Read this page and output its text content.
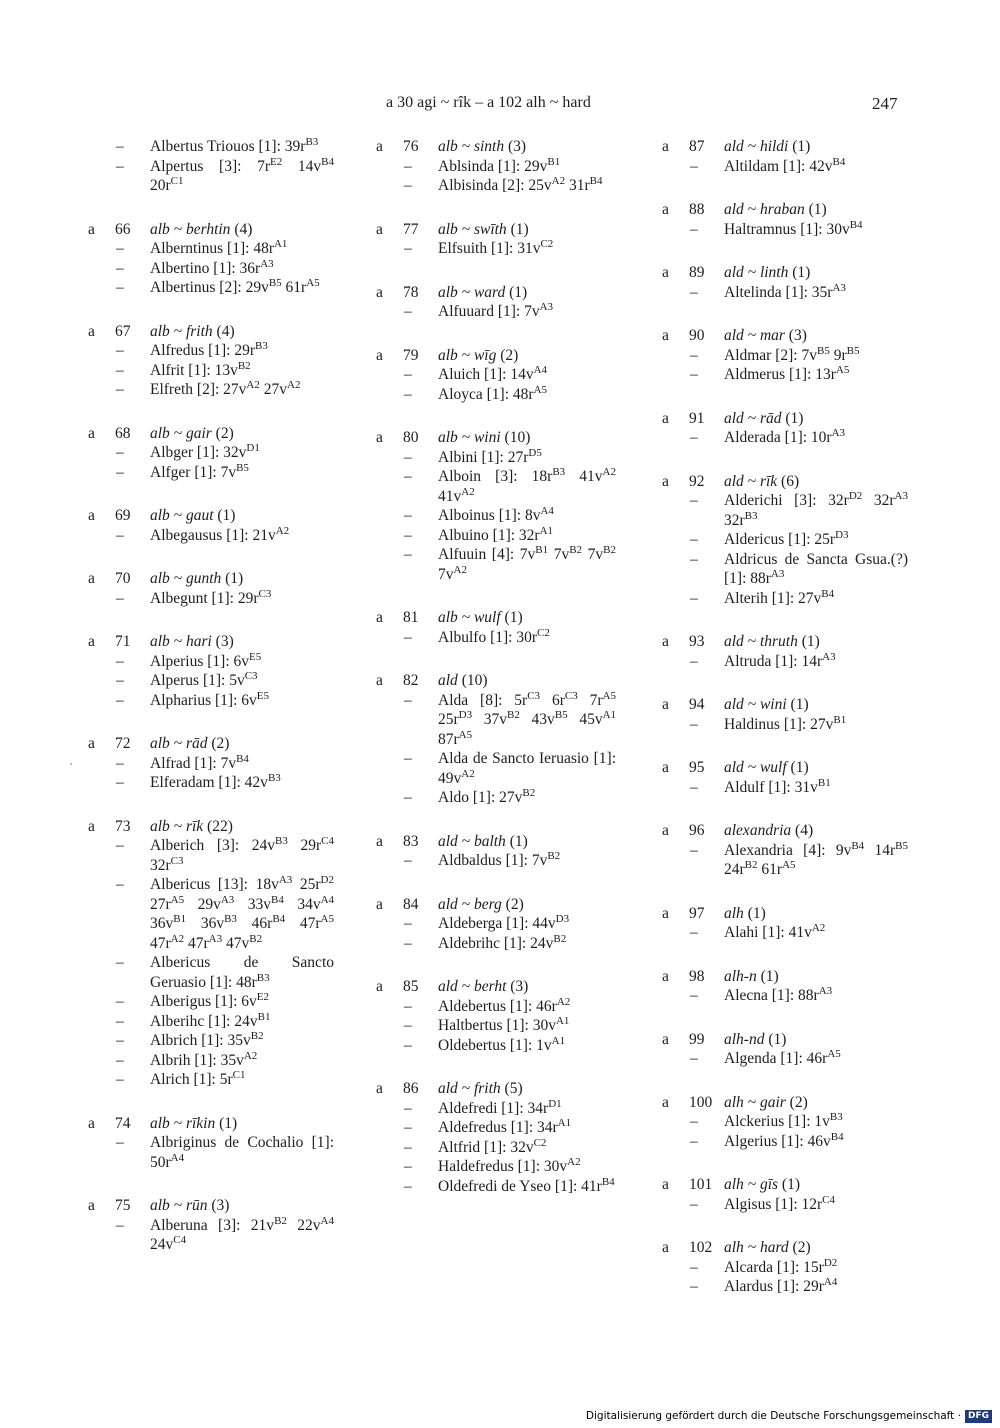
a 30 agi ~ rîk – a 102 alh ~ hard	247
–	Albertus Triouos [1]: $39r^{B3}$
–	Alpertus [3]: $7r^{E2}$ $14v^{B4}$ $20r^{C1}$
a	66	alb ~ berhtin (4)
–	Alberntinus [1]: $48r^{A1}$
–	Albertino [1]: $36r^{A3}$
–	Albertinus [2]: $29v^{B5}$ $61r^{A5}$
a	67	alb ~ frith (4)
–	Alfredus [1]: $29r^{B3}$
–	Alfrit [1]: $13v^{B2}$
–	Elfreth [2]: $27v^{A2}$ $27v^{A2}$
a	68	alb ~ gair (2)
–	Albger [1]: $32v^{D1}$
–	Alfger [1]: $7v^{B5}$
a	69	alb ~ gaut (1)
–	Albegausus [1]: $21v^{A2}$
a	70	alb ~ gunth (1)
–	Albegunt [1]: $29r^{C3}$
a	71	alb ~ hari (3)
–	Alperius [1]: $6v^{E5}$
–	Alperus [1]: $5v^{C3}$
–	Alpharius [1]: $6v^{E5}$
a	72	alb ~ rād (2)
–	Alfrad [1]: $7v^{B4}$
–	Elferadam [1]: $42v^{B3}$
a	73	alb ~ rīk (22)
–	Alberich [3]: $24v^{B3}$ $29r^{C4}$ $32r^{C3}$
–	Albericus [13]: $18v^{A3}$ $25r^{D2}$ $27r^{A5}$ $29v^{A3}$ $33v^{B4}$ $34v^{A4}$ $36v^{B1}$ $36v^{B3}$ $46r^{B4}$ $47r^{A5}$ $47r^{A2}$ $47r^{A3}$ $47v^{B2}$
–	Albericus de Sancto Geruasio [1]: $48r^{B3}$
–	Alberigus [1]: $6v^{E2}$
–	Alberihc [1]: $24v^{B1}$
–	Albrich [1]: $35v^{B2}$
–	Albrih [1]: $35v^{A2}$
–	Alrich [1]: $5r^{C1}$
a	74	alb ~ rīkin (1)
–	Albriginus de Cochalio [1]: $50r^{A4}$
a	75	alb ~ rūn (3)
–	Alberuna [3]: $21v^{B2}$ $22v^{A4}$ $24v^{C4}$
a	76	alb ~ sinth (3)
–	Ablsinda [1]: $29v^{B1}$
–	Albisinda [2]: $25v^{A2}$ $31r^{B4}$
a	77	alb ~ swīth (1)
–	Elfsuith [1]: $31v^{C2}$
a	78	alb ~ ward (1)
–	Alfuuard [1]: $7v^{A3}$
a	79	alb ~ wīg (2)
–	Aluich [1]: $14v^{A4}$
–	Aloyca [1]: $48r^{A5}$
a	80	alb ~ wini (10)
–	Albini [1]: $27r^{D5}$
–	Alboin [3]: $18r^{B3}$ $41v^{A2}$ $41v^{A2}$
–	Alboinus [1]: $8v^{A4}$
–	Albuino [1]: $32r^{A1}$
–	Alfuuin [4]: $7v^{B1}$ $7v^{B2}$ $7v^{B2}$ $7v^{A2}$
a	81	alb ~ wulf (1)
–	Albulfo [1]: $30r^{C2}$
a	82	ald (10)
–	Alda [8]: $5r^{C3}$ $6r^{C3}$ $7r^{A5}$ $25r^{D3}$ $37v^{B2}$ $43v^{B5}$ $45v^{A1}$ $87r^{A5}$
–	Alda de Sancto Ieruasio [1]: $49v^{A2}$
–	Aldo [1]: $27v^{B2}$
a	83	ald ~ balth (1)
–	Aldbaldus [1]: $7v^{B2}$
a	84	ald ~ berg (2)
–	Aldeberga [1]: $44v^{D3}$
–	Aldebrihc [1]: $24v^{B2}$
a	85	ald ~ berht (3)
–	Aldebertus [1]: $46r^{A2}$
–	Haltbertus [1]: $30v^{A1}$
–	Oldebertus [1]: $1v^{A1}$
a	86	ald ~ frith (5)
–	Aldefredi [1]: $34r^{D1}$
–	Aldefredus [1]: $34r^{A1}$
–	Altfrid [1]: $32v^{C2}$
–	Haldefredus [1]: $30v^{A2}$
–	Oldefredi de Yseo [1]: $41r^{B4}$
a	87	ald ~ hildi (1)
–	Altildam [1]: $42v^{B4}$
a	88	ald ~ hraban (1)
–	Haltramnus [1]: $30v^{B4}$
a	89	ald ~ linth (1)
–	Altelinda [1]: $35r^{A3}$
a	90	ald ~ mar (3)
–	Aldmar [2]: $7v^{B5}$ $9r^{B5}$
–	Aldmerus [1]: $13r^{A5}$
a	91	ald ~ rād (1)
–	Alderada [1]: $10r^{A3}$
a	92	ald ~ rīk (6)
–	Alderichi [3]: $32r^{D2}$ $32r^{A3}$ $32r^{B3}$
–	Aldericus [1]: $25r^{D3}$
–	Aldricus de Sancta Gsua.(?) [1]: $88r^{A3}$
–	Alterih [1]: $27v^{B4}$
a	93	ald ~ thruth (1)
–	Altruda [1]: $14r^{A3}$
a	94	ald ~ wini (1)
–	Haldinus [1]: $27v^{B1}$
a	95	ald ~ wulf (1)
–	Aldulf [1]: $31v^{B1}$
a	96	alexandria (4)
–	Alexandria [4]: $9v^{B4}$ $14r^{B5}$ $24r^{B2}$ $61r^{A5}$
a	97	alh (1)
–	Alahi [1]: $41v^{A2}$
a	98	alh-n (1)
–	Alecna [1]: $88r^{A3}$
a	99	alh-nd (1)
–	Algenda [1]: $46r^{A5}$
a	100 alh ~ gair (2)
–	Alckerius [1]: $1v^{B3}$
–	Algerius [1]: $46v^{B4}$
a	101 alh ~ gīs (1)
–	Algisus [1]: $12r^{C4}$
a	102 alh ~ hard (2)
–	Alcarda [1]: $15r^{D2}$
–	Alardus [1]: $29r^{A4}$
Digitalisierung gefördert durch die Deutsche Forschungsgemeinschaft · DFG
